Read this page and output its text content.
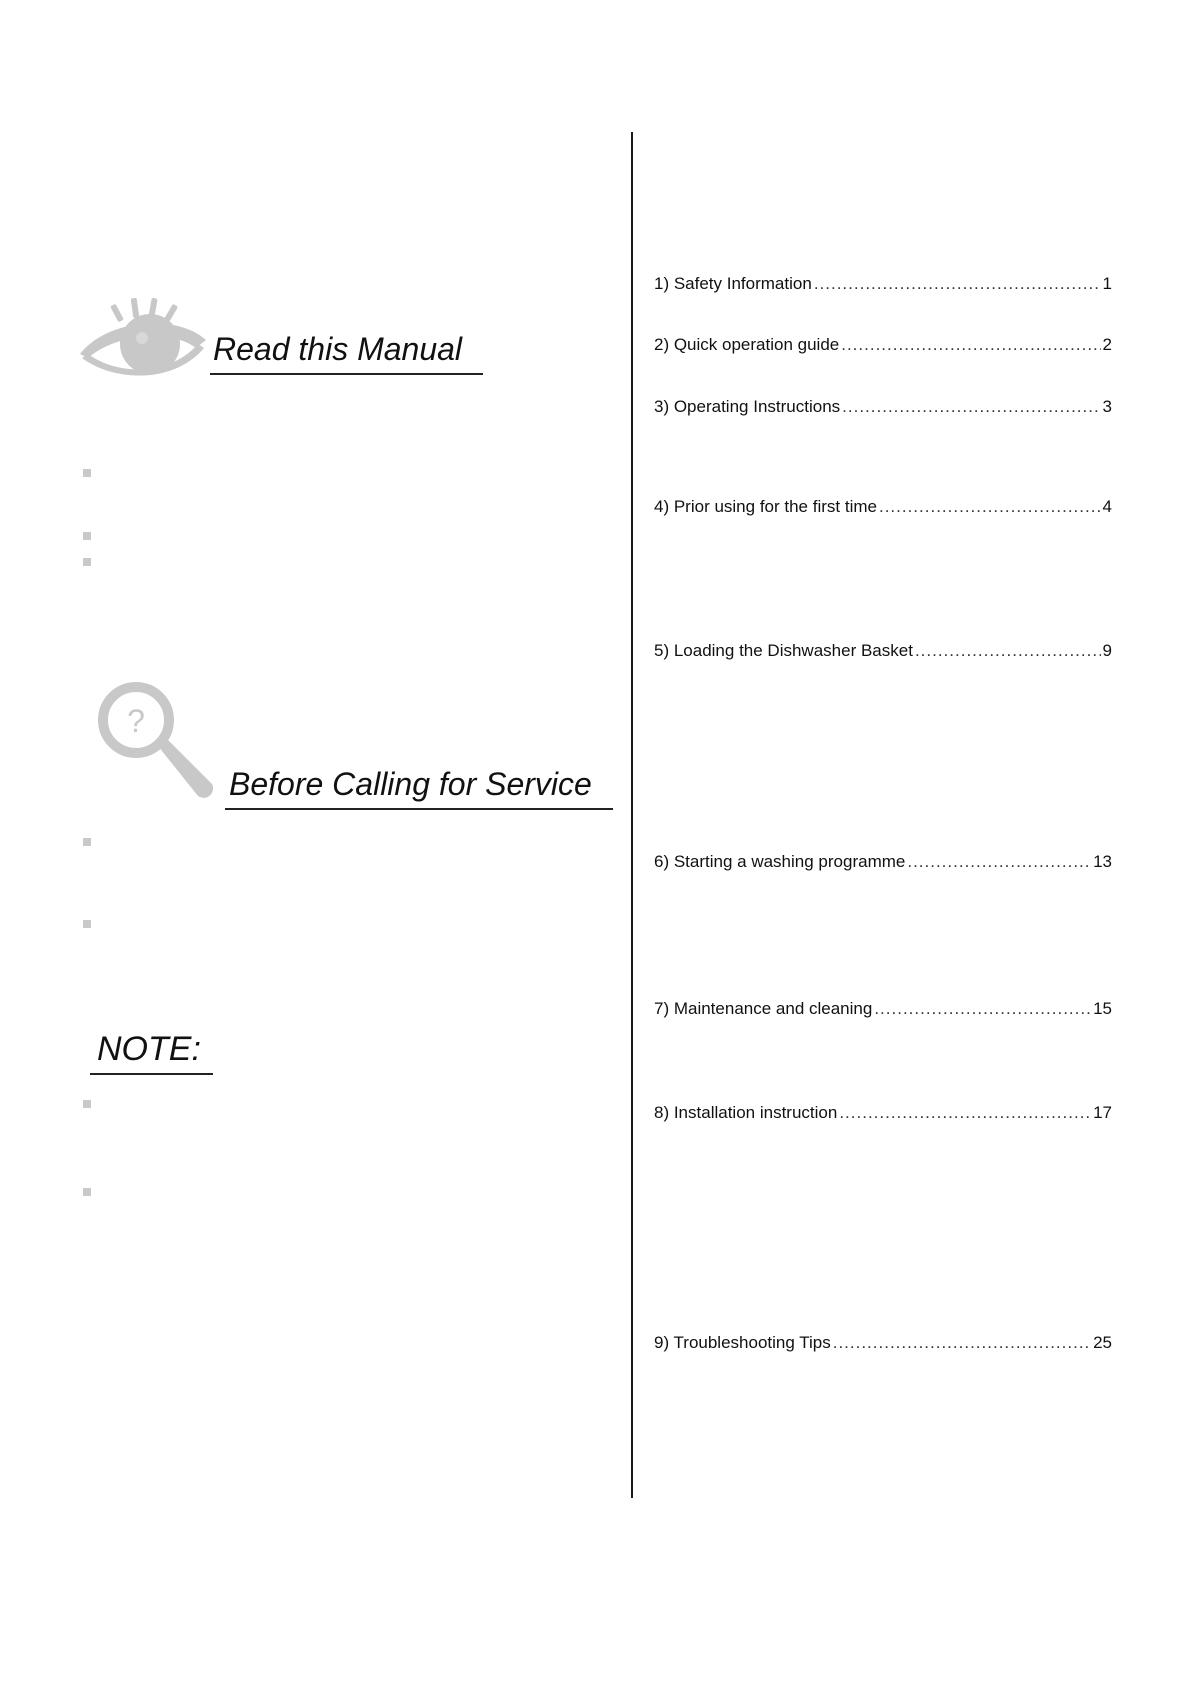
Read this Manual
?
Before Calling for Service
NOTE:
1) Safety Information .....	1
2) Quick operation guide .....	2
3) Operating Instructions .....	3
4) Prior using for the first time .....	4
5) Loading the Dishwasher Basket .....	9
6) Starting a washing programme .....	13
7) Maintenance and cleaning .....	15
8) Installation instruction .....	17
9) Troubleshooting Tips .....	25
